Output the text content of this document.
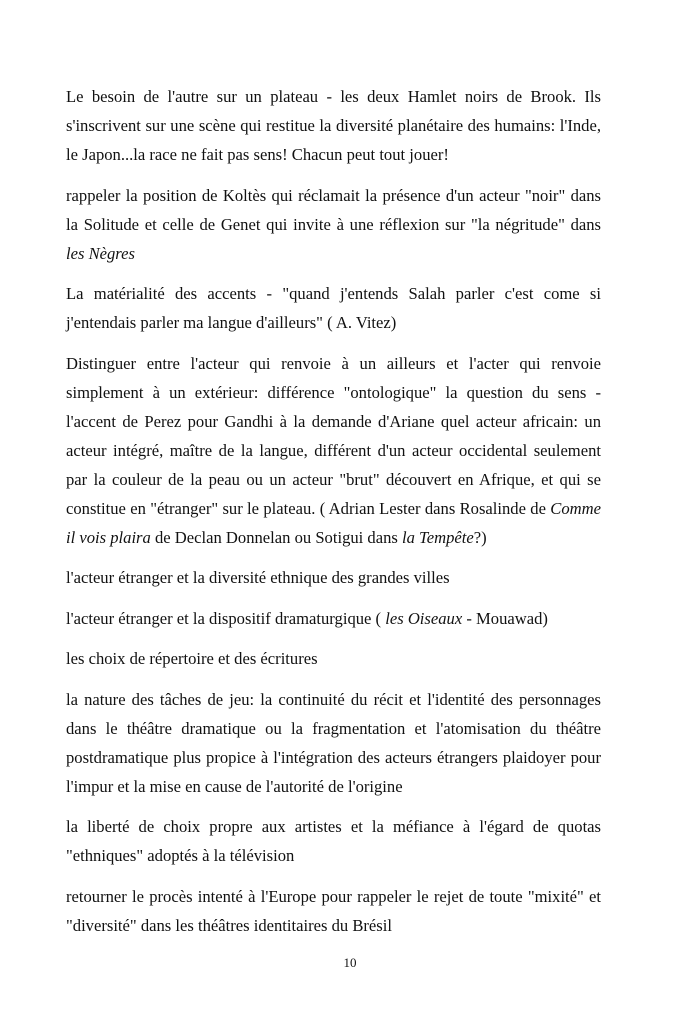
Le besoin de l'autre sur un plateau - les deux Hamlet noirs de Brook. Ils s'inscrivent sur une scène qui restitue la diversité planétaire des humains: l'Inde, le Japon...la race ne fait pas sens! Chacun peut tout jouer!

rappeler la position de Koltès qui réclamait la présence d'un acteur "noir" dans la Solitude et celle de Genet qui invite à une réflexion sur "la négritude" dans les Nègres

La matérialité des accents - "quand j'entends Salah parler c'est come si j'entendais parler ma langue d'ailleurs" ( A. Vitez)

Distinguer entre l'acteur qui renvoie à un ailleurs et l'acter qui renvoie simplement à un extérieur: différence "ontologique" la question du sens - l'accent de Perez pour Gandhi à la demande d'Ariane quel acteur africain: un acteur intégré, maître de la langue, différent d'un acteur occidental seulement par la couleur de la peau ou un acteur "brut" découvert en Afrique, et qui se constitue en "étranger" sur le plateau. ( Adrian Lester dans Rosalinde de Comme il vois plaira de Declan Donnelan ou Sotigui dans la Tempête?)

l'acteur étranger et la diversité ethnique des grandes villes

l'acteur étranger et la dispositif dramaturgique ( les Oiseaux - Mouawad)

les choix de répertoire et des écritures

la nature des tâches de jeu: la continuité du récit et l'identité des personnages dans le théâtre dramatique ou la fragmentation et l'atomisation du théâtre postdramatique plus propice à l'intégration des acteurs étrangers plaidoyer pour l'impur et la mise en cause de l'autorité de l'origine

la liberté de choix propre aux artistes et la méfiance à l'égard de quotas "ethniques" adoptés à la télévision

retourner le procès intenté à l'Europe pour rappeler le rejet de toute "mixité" et "diversité" dans les théâtres identitaires du Brésil

10
